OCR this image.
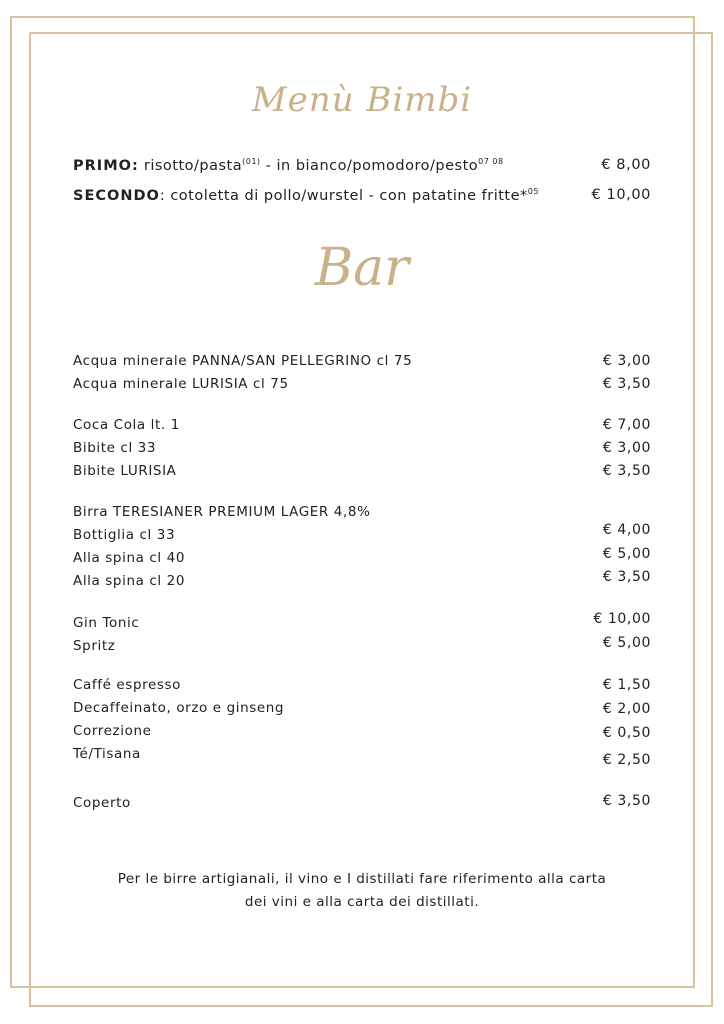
Menù Bimbi
PRIMO: risotto/pasta$^{(01)}$ - in bianco/pomodoro/pesto$^{07 08}$	€ 8,00
SECONDO: cotoletta di pollo/wurstel - con patatine fritte*$^{05}$	€ 10,00
Bar
Acqua minerale PANNA/SAN PELLEGRINO cl 75	€ 3,00
Acqua minerale LURISIA cl 75	€ 3,50
Coca Cola lt. 1	€ 7,00
Bibite cl 33	€ 3,00
Bibite LURISIA	€ 3,50
Birra TERESIANER PREMIUM LAGER 4,8%
Bottiglia cl 33	€ 4,00
Alla spina cl 40	€ 5,00
Alla spina cl 20	€ 3,50
Gin Tonic	€ 10,00
Spritz	€ 5,00
Caffé espresso	€ 1,50
Decaffeinato, orzo e ginseng	€ 2,00
Correzione	€ 0,50
Té/Tisana	€ 2,50
Coperto	€ 3,50
Per le birre artigianali, il vino e I distillati fare riferimento alla carta
dei vini e alla carta dei distillati.
